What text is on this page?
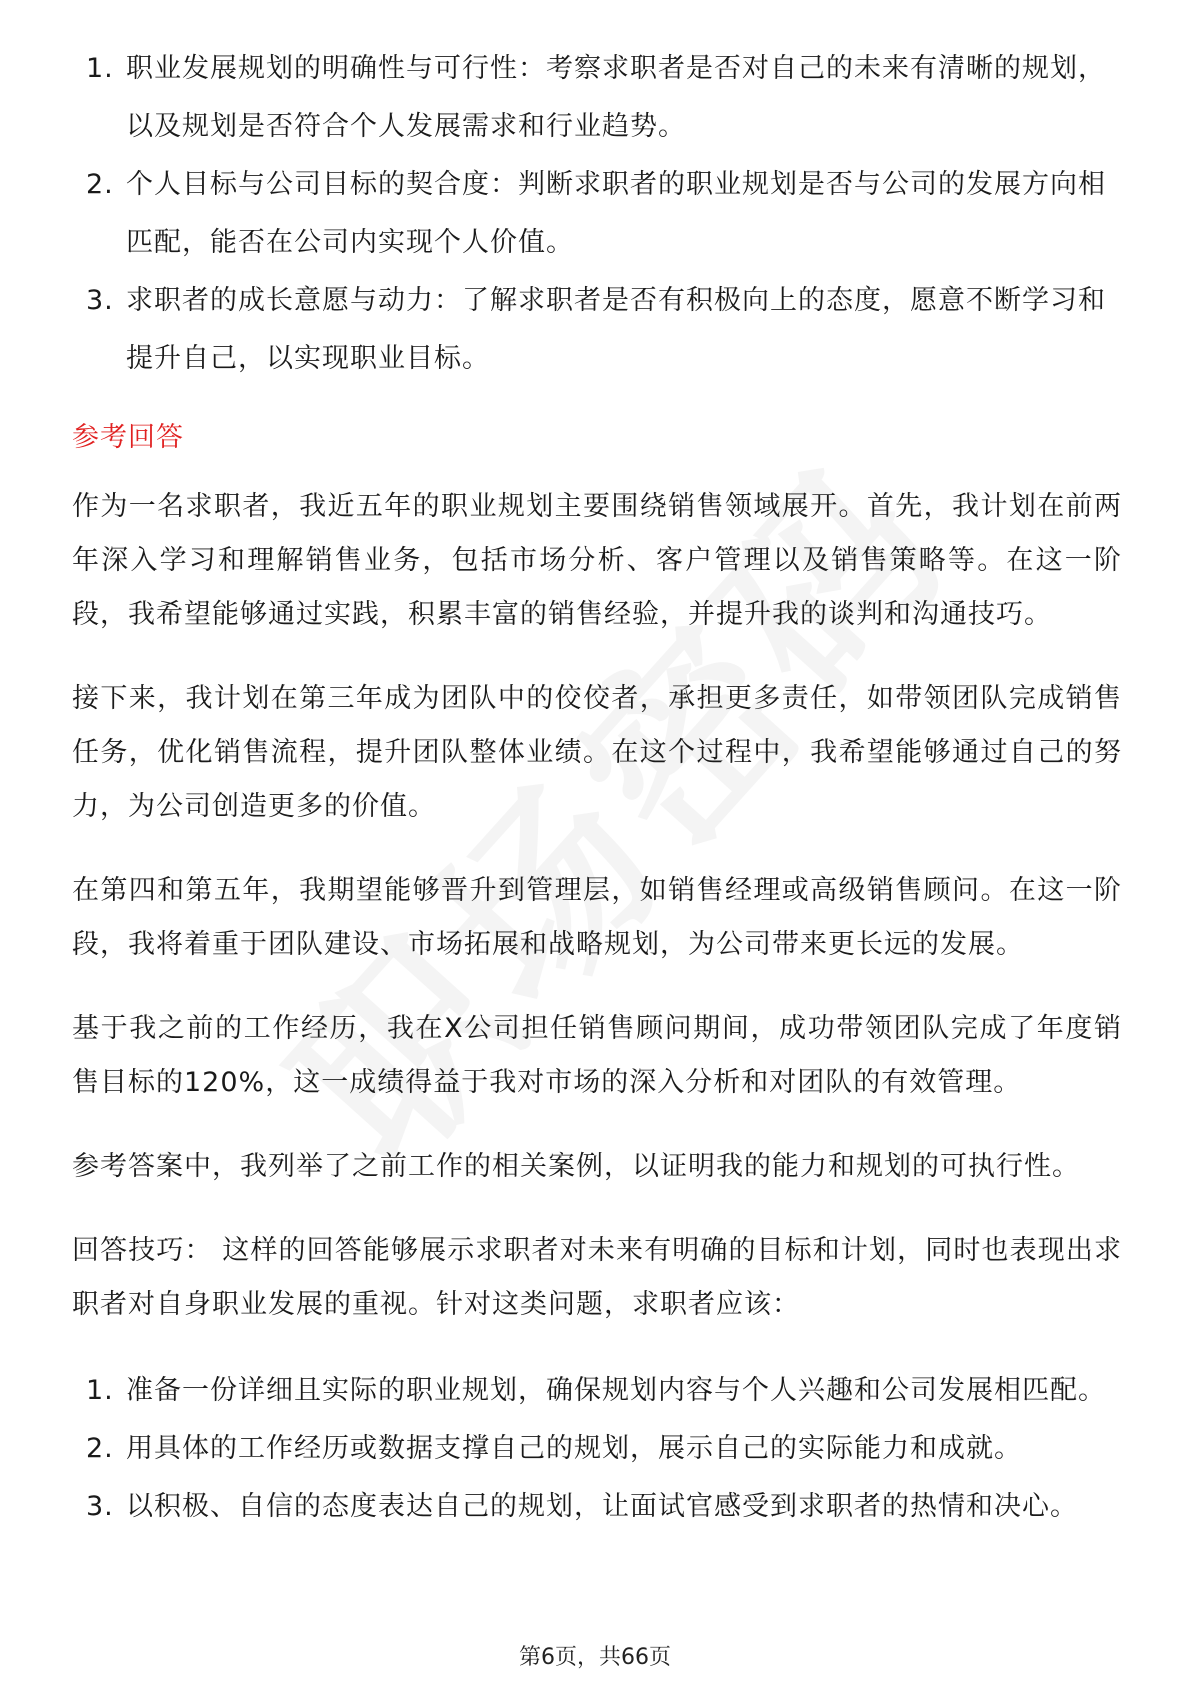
1. 职业发展规划的明确性与可行性：考察求职者是否对自己的未来有清晰的规划，以及规划是否符合个人发展需求和行业趋势。
2. 个人目标与公司目标的契合度：判断求职者的职业规划是否与公司的发展方向相匹配，能否在公司内实现个人价值。
3. 求职者的成长意愿与动力：了解求职者是否有积极向上的态度，愿意不断学习和提升自己，以实现职业目标。
参考回答

作为一名求职者，我近五年的职业规划主要围绕销售领域展开。首先，我计划在前两年深入学习和理解销售业务，包括市场分析、客户管理以及销售策略等。在这一阶段，我希望能够通过实践，积累丰富的销售经验，并提升我的谈判和沟通技巧。

接下来，我计划在第三年成为团队中的佼佼者，承担更多责任，如带领团队完成销售任务，优化销售流程，提升团队整体业绩。在这个过程中，我希望能够通过自己的努力，为公司创造更多的价值。

在第四和第五年，我期望能够晋升到管理层，如销售经理或高级销售顾问。在这一阶段，我将着重于团队建设、市场拓展和战略规划，为公司带来更长远的发展。

基于我之前的工作经历，我在X公司担任销售顾问期间，成功带领团队完成了年度销售目标的120%，这一成绩得益于我对市场的深入分析和对团队的有效管理。

参考答案中，我列举了之前工作的相关案例，以证明我的能力和规划的可执行性。

回答技巧： 这样的回答能够展示求职者对未来有明确的目标和计划，同时也表现出求职者对自身职业发展的重视。针对这类问题，求职者应该：

1. 准备一份详细且实际的职业规划，确保规划内容与个人兴趣和公司发展相匹配。
2. 用具体的工作经历或数据支撑自己的规划，展示自己的实际能力和成就。
3. 以积极、自信的态度表达自己的规划，让面试官感受到求职者的热情和决心。
第6页，共66页
